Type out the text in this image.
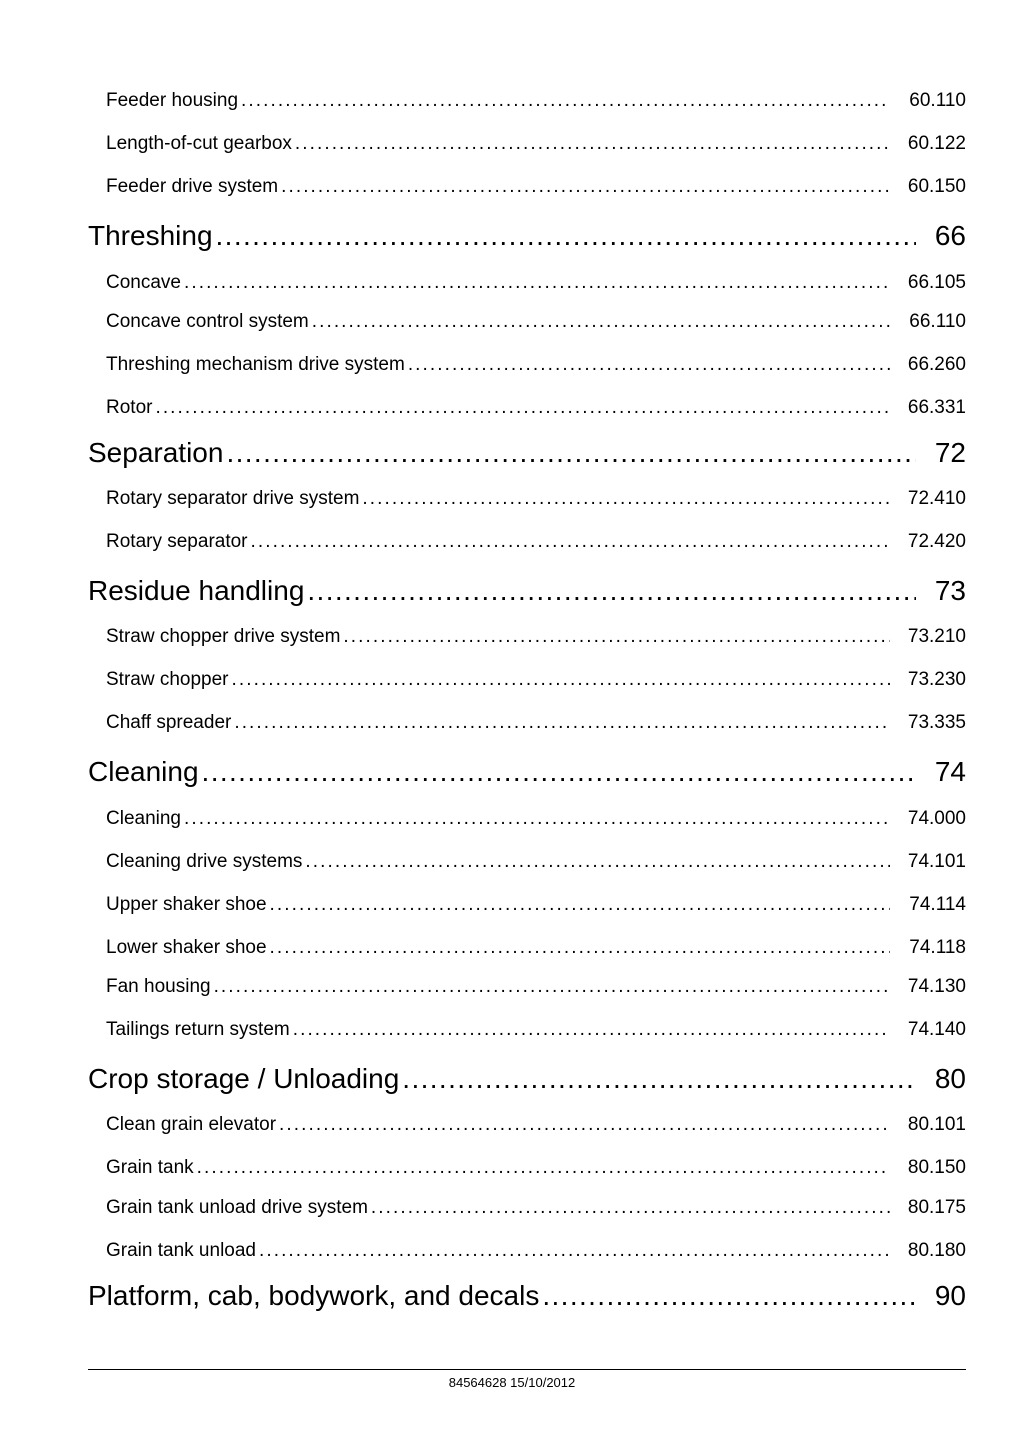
Feeder housing . . .	60.110
Length-of-cut gearbox . . .	60.122
Feeder drive system . . .	60.150
Threshing . . .	66
Concave . . .	66.105
Concave control system . . .	66.110
Threshing mechanism drive system . . .	66.260
Rotor . . .	66.331
Separation . . .	72
Rotary separator drive system . . .	72.410
Rotary separator . . .	72.420
Residue handling . . .	73
Straw chopper drive system . . .	73.210
Straw chopper . . .	73.230
Chaff spreader . . .	73.335
Cleaning . . .	74
Cleaning . . .	74.000
Cleaning drive systems . . .	74.101
Upper shaker shoe . . .	74.114
Lower shaker shoe . . .	74.118
Fan housing . . .	74.130
Tailings return system . . .	74.140
Crop storage / Unloading . . .	80
Clean grain elevator . . .	80.101
Grain tank . . .	80.150
Grain tank unload drive system . . .	80.175
Grain tank unload . . .	80.180
Platform, cab, bodywork, and decals . . .	90
84564628 15/10/2012
